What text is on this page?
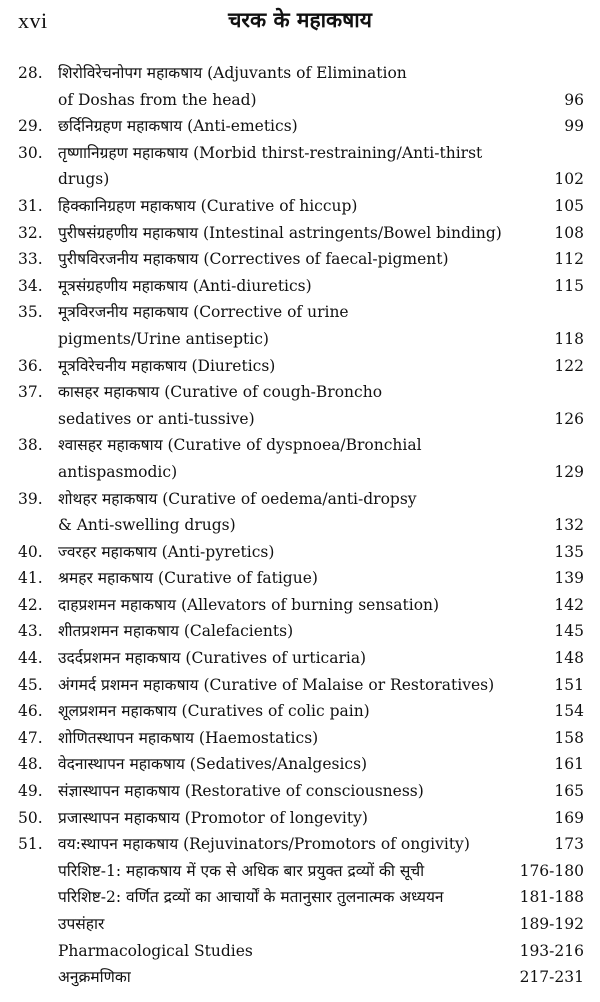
xvi	चरक के महाकषाय
28. शिरोविरेचनोपग महाकषाय (Adjuvants of Elimination
of Doshas from the head)	96
29. छर्दिनिग्रहण महाकषाय (Anti-emetics)	99
30. तृष्णानिग्रहण महाकषाय (Morbid thirst-restraining/Anti-thirst
drugs)	102
31. हिक्कानिग्रहण महाकषाय (Curative of hiccup)	105
32. पुरीषसंग्रहणीय महाकषाय (Intestinal astringents/Bowel binding)	108
33. पुरीषविरजनीय महाकषाय (Correctives of faecal-pigment)	112
34. मूत्रसंग्रहणीय महाकषाय (Anti-diuretics)	115
35. मूत्रविरजनीय महाकषाय (Corrective of urine
pigments/Urine antiseptic)	118
36. मूत्रविरेचनीय महाकषाय (Diuretics)	122
37. कासहर महाकषाय (Curative of cough-Broncho
sedatives or anti-tussive)	126
38. श्वासहर महाकषाय (Curative of dyspnoea/Bronchial
antispasmodic)	129
39. शोथहर महाकषाय (Curative of oedema/anti-dropsy
& Anti-swelling drugs)	132
40. ज्वरहर महाकषाय (Anti-pyretics)	135
41. श्रमहर महाकषाय (Curative of fatigue)	139
42. दाहप्रशमन महाकषाय (Allevators of burning sensation)	142
43. शीतप्रशमन महाकषाय (Calefacients)	145
44. उदर्दप्रशमन महाकषाय (Curatives of urticaria)	148
45. अंगमर्द प्रशमन महाकषाय (Curative of Malaise or Restoratives)	151
46. शूलप्रशमन महाकषाय (Curatives of colic pain)	154
47. शोणितस्थापन महाकषाय (Haemostatics)	158
48. वेदनास्थापन महाकषाय (Sedatives/Analgesics)	161
49. संज्ञास्थापन महाकषाय (Restorative of consciousness)	165
50. प्रजास्थापन महाकषाय (Promotor of longevity)	169
51. वय:स्थापन महाकषाय (Rejuvinators/Promotors of ongivity)	173
परिशिष्ट-1: महाकषाय में एक से अधिक बार प्रयुक्त द्रव्यों की सूची	176-180
परिशिष्ट-2: वर्णित द्रव्यों का आचार्यों के मतानुसार तुलनात्मक अध्ययन	181-188
उपसंहार	189-192
Pharmacological Studies	193-216
अनुक्रमणिका	217-231
